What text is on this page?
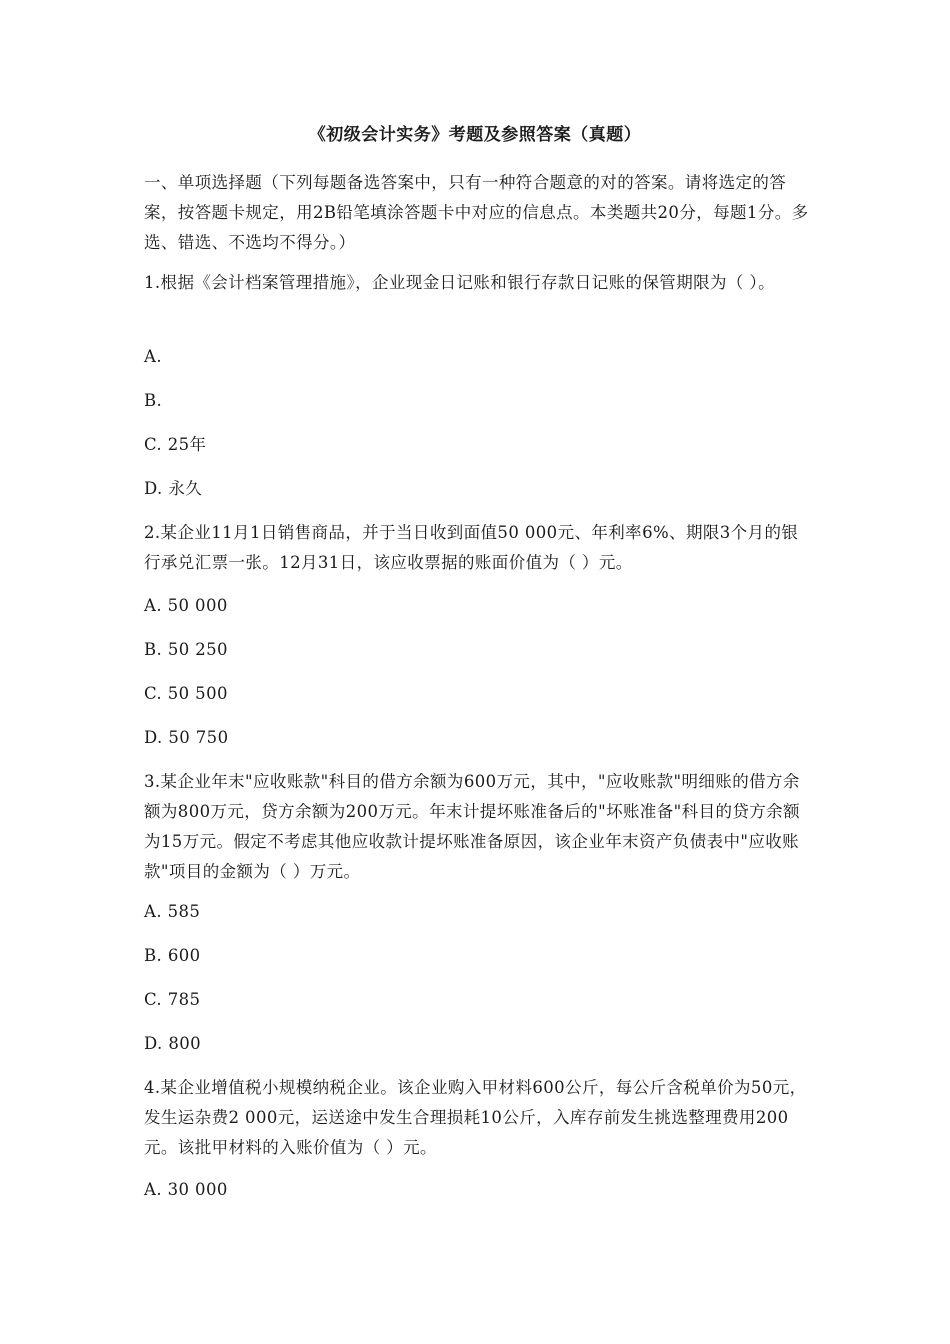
《初级会计实务》考题及参照答案（真题）

一、单项选择题（下列每题备选答案中，只有一种符合题意的对的答案。请将选定的答案，按答题卡规定，用2B铅笔填涂答题卡中对应的信息点。本类题共20分，每题1分。多选、错选、不选均不得分。）

1.根据《会计档案管理措施》，企业现金日记账和银行存款日记账的保管期限为（ ）。

A.

B.

C. 25年

D. 永久

2.某企业11月1日销售商品，并于当日收到面值50 000元、年利率6%、期限3个月的银行承兑汇票一张。12月31日，该应收票据的账面价值为（ ）元。

A. 50 000

B. 50 250

C. 50 500

D. 50 750

3.某企业年末"应收账款"科目的借方余额为600万元，其中，"应收账款"明细账的借方余额为800万元，贷方余额为200万元。年末计提坏账准备后的"坏账准备"科目的贷方余额为15万元。假定不考虑其他应收款计提坏账准备原因，该企业年末资产负债表中"应收账款"项目的金额为（ ）万元。

A. 585

B. 600

C. 785

D. 800

4.某企业增值税小规模纳税企业。该企业购入甲材料600公斤，每公斤含税单价为50元，发生运杂费2 000元，运送途中发生合理损耗10公斤，入库存前发生挑选整理费用200元。该批甲材料的入账价值为（ ）元。

A. 30 000
